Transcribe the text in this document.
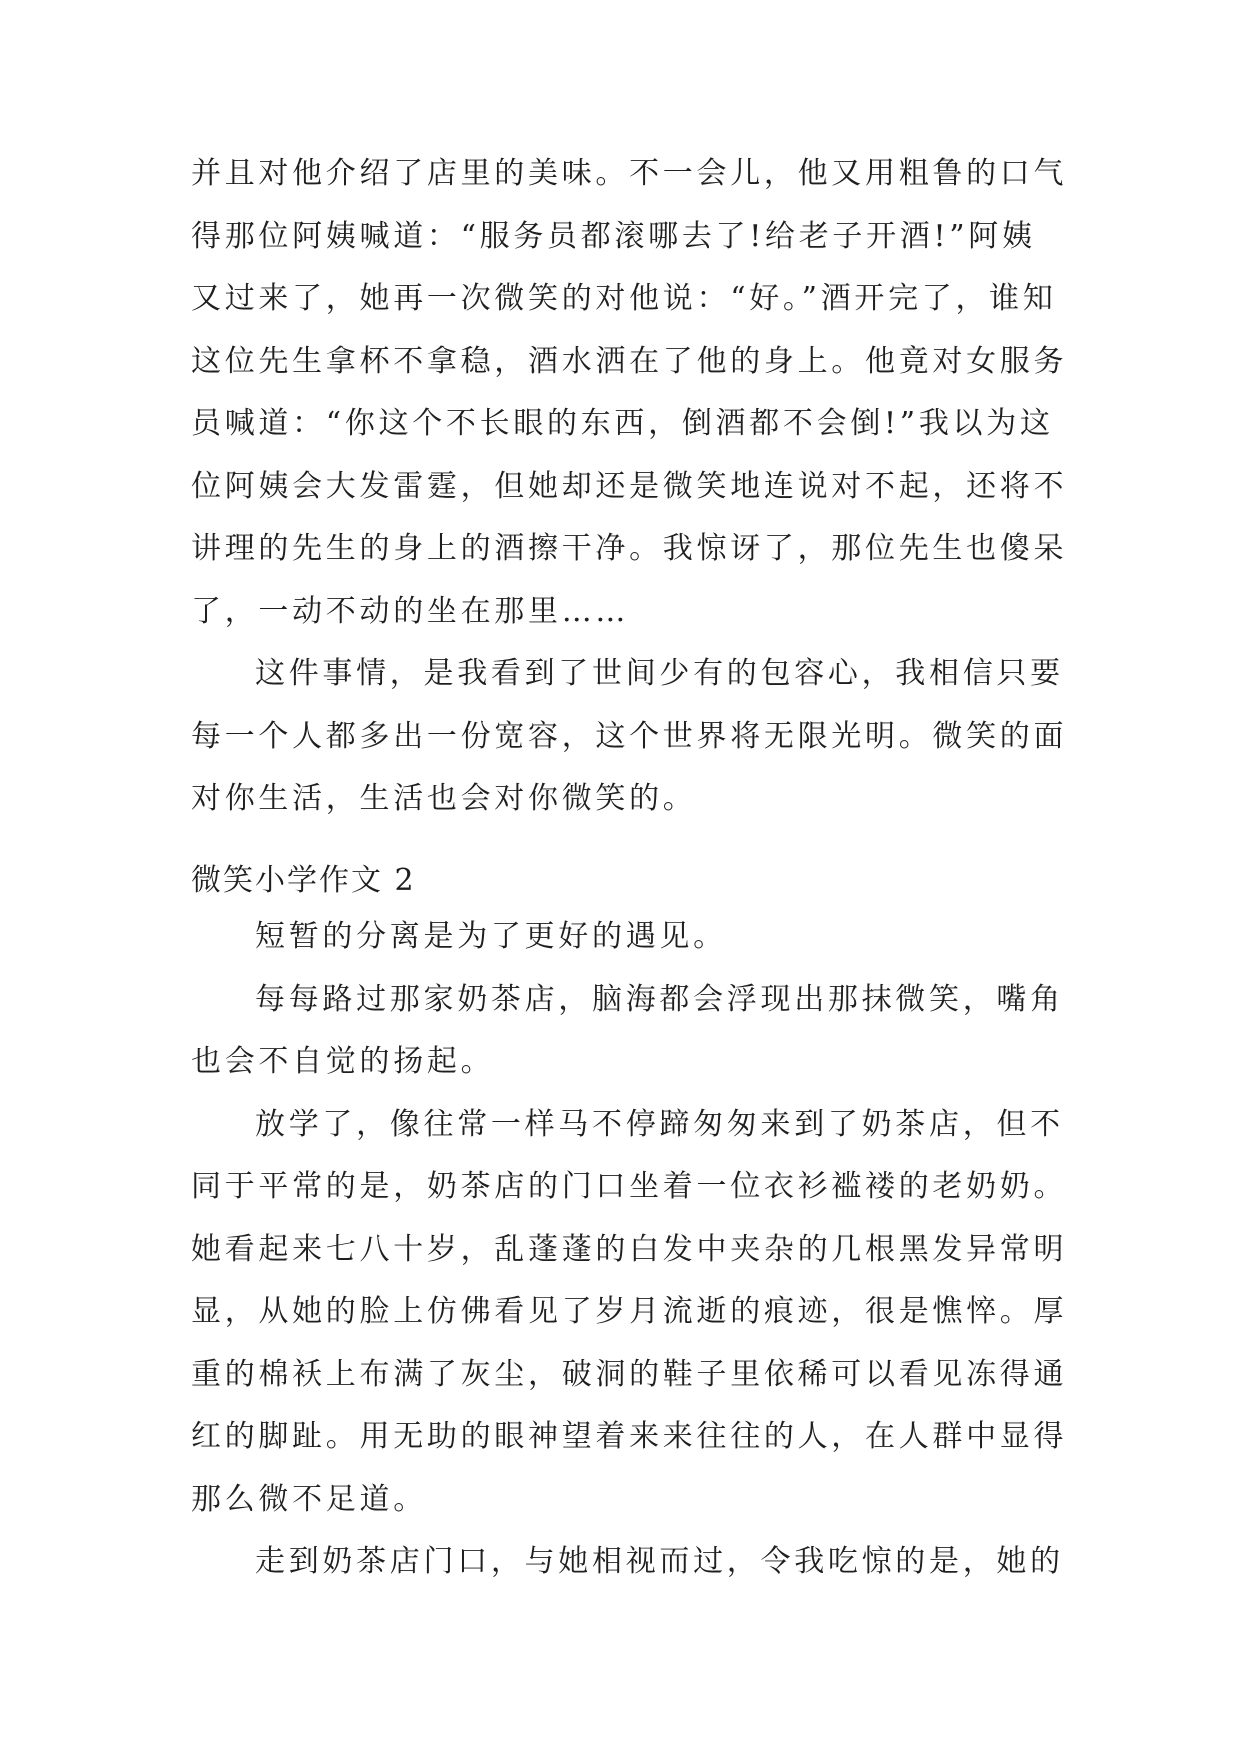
并且对他介绍了店里的美味。不一会儿，他又用粗鲁的口气
得那位阿姨喊道：“服务员都滚哪去了!给老子开酒!”阿姨
又过来了，她再一次微笑的对他说：“好。”酒开完了，谁知
这位先生拿杯不拿稳，酒水洒在了他的身上。他竟对女服务
员喊道：“你这个不长眼的东西，倒酒都不会倒!”我以为这
位阿姨会大发雷霆，但她却还是微笑地连说对不起，还将不
讲理的先生的身上的酒擦干净。我惊讶了，那位先生也傻呆
了，一动不动的坐在那里……
这件事情，是我看到了世间少有的包容心，我相信只要
每一个人都多出一份宽容，这个世界将无限光明。微笑的面
对你生活，生活也会对你微笑的。
微笑小学作文 2
短暂的分离是为了更好的遇见。
每每路过那家奶茶店，脑海都会浮现出那抹微笑，嘴角
也会不自觉的扬起。
放学了，像往常一样马不停蹄匆匆来到了奶茶店，但不
同于平常的是，奶茶店的门口坐着一位衣衫褴褛的老奶奶。
她看起来七八十岁，乱蓬蓬的白发中夹杂的几根黑发异常明
显，从她的脸上仿佛看见了岁月流逝的痕迹，很是憔悴。厚
重的棉袄上布满了灰尘，破洞的鞋子里依稀可以看见冻得通
红的脚趾。用无助的眼神望着来来往往的人，在人群中显得
那么微不足道。
走到奶茶店门口，与她相视而过，令我吃惊的是，她的
